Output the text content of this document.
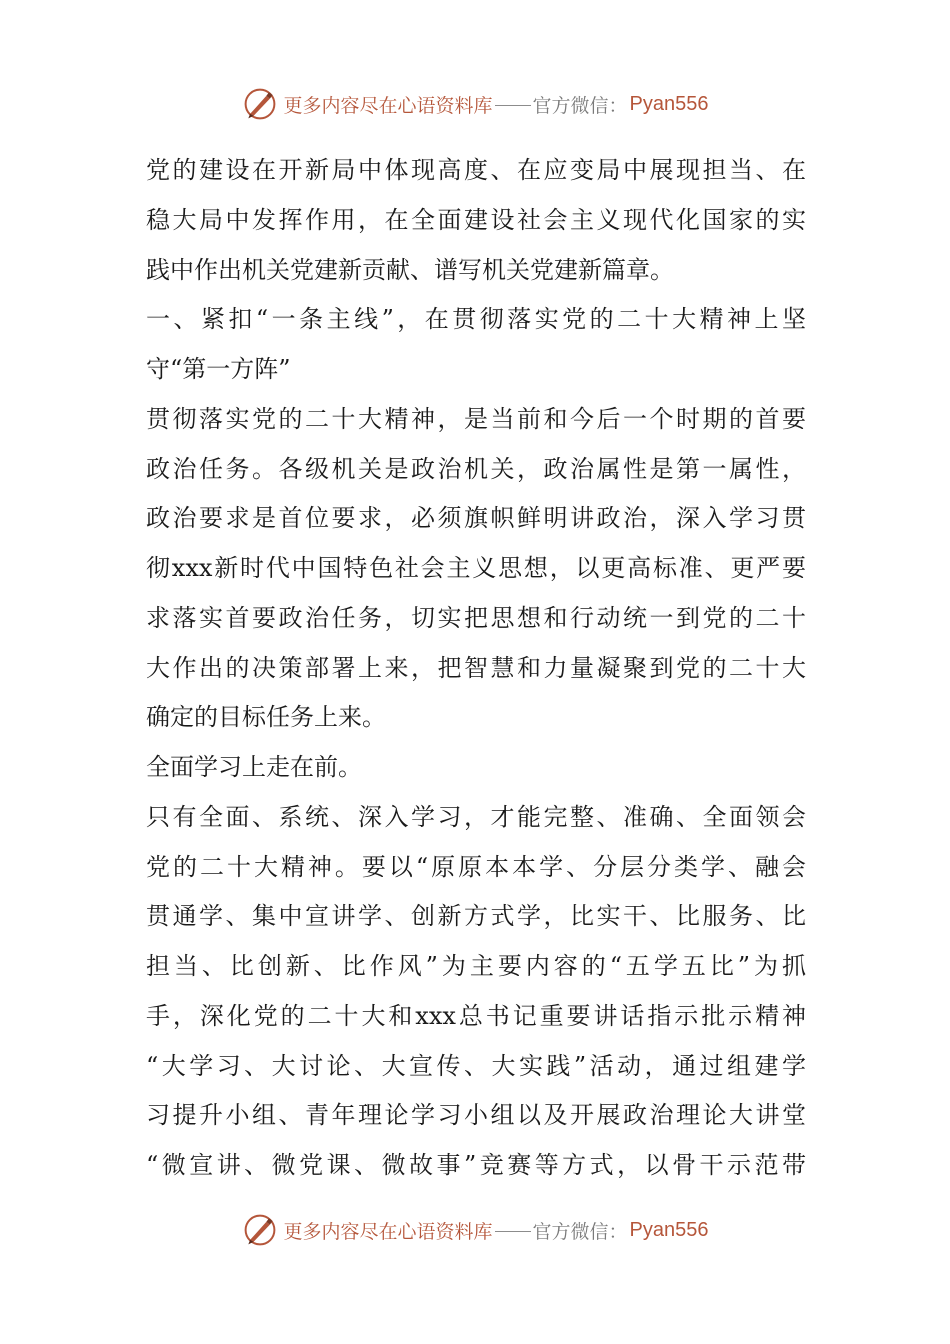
更多内容尽在心语资料库 官方微信： Pyan556
党的建设在开新局中体现高度、在应变局中展现担当、在
稳大局中发挥作用，在全面建设社会主义现代化国家的实
践中作出机关党建新贡献、谱写机关党建新篇章。
一、紧扣“一条主线”，在贯彻落实党的二十大精神上坚
守“第一方阵”
贯彻落实党的二十大精神，是当前和今后一个时期的首要
政治任务。各级机关是政治机关，政治属性是第一属性，
政治要求是首位要求，必须旗帜鲜明讲政治，深入学习贯
彻xxx新时代中国特色社会主义思想，以更高标准、更严要
求落实首要政治任务，切实把思想和行动统一到党的二十
大作出的决策部署上来，把智慧和力量凝聚到党的二十大
确定的目标任务上来。
全面学习上走在前。
只有全面、系统、深入学习，才能完整、准确、全面领会
党的二十大精神。要以“原原本本学、分层分类学、融会
贯通学、集中宣讲学、创新方式学，比实干、比服务、比
担当、比创新、比作风”为主要内容的“五学五比”为抓
手，深化党的二十大和xxx总书记重要讲话指示批示精神
“大学习、大讨论、大宣传、大实践”活动，通过组建学
习提升小组、青年理论学习小组以及开展政治理论大讲堂
“微宣讲、微党课、微故事”竞赛等方式，以骨干示范带
更多内容尽在心语资料库 官方微信： Pyan556
